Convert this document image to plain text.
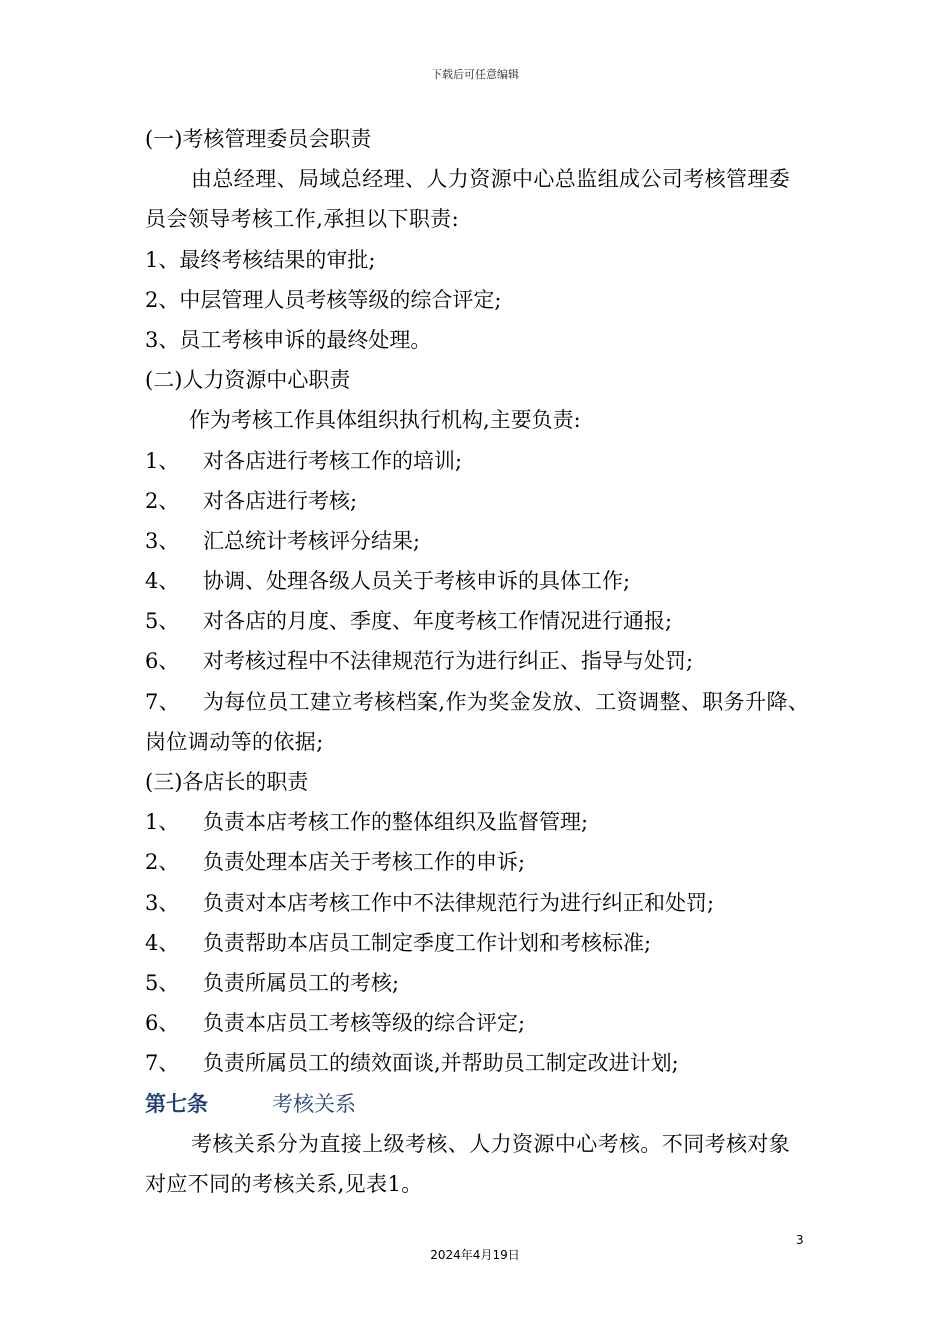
下载后可任意编辑
(一)考核管理委员会职责
由总经理、局域总经理、人力资源中心总监组成公司考核管理委员会领导考核工作,承担以下职责:
1、最终考核结果的审批;
2、中层管理人员考核等级的综合评定;
3、员工考核申诉的最终处理。
(二)人力资源中心职责
作为考核工作具体组织执行机构,主要负责:
1、	对各店进行考核工作的培训;
2、	对各店进行考核;
3、	汇总统计考核评分结果;
4、	协调、处理各级人员关于考核申诉的具体工作;
5、	对各店的月度、季度、年度考核工作情况进行通报;
6、	对考核过程中不法律规范行为进行纠正、指导与处罚;
7、 为每位员工建立考核档案,作为奖金发放、工资调整、职务升降、岗位调动等的依据;
(三)各店长的职责
1、	负责本店考核工作的整体组织及监督管理;
2、	负责处理本店关于考核工作的申诉;
3、	负责对本店考核工作中不法律规范行为进行纠正和处罚;
4、	负责帮助本店员工制定季度工作计划和考核标准;
5、	负责所属员工的考核;
6、	负责本店员工考核等级的综合评定;
7、	负责所属员工的绩效面谈,并帮助员工制定改进计划;
第七条	考核关系
考核关系分为直接上级考核、人力资源中心考核。不同考核对象对应不同的考核关系,见表1。
3
2024年4月19日
